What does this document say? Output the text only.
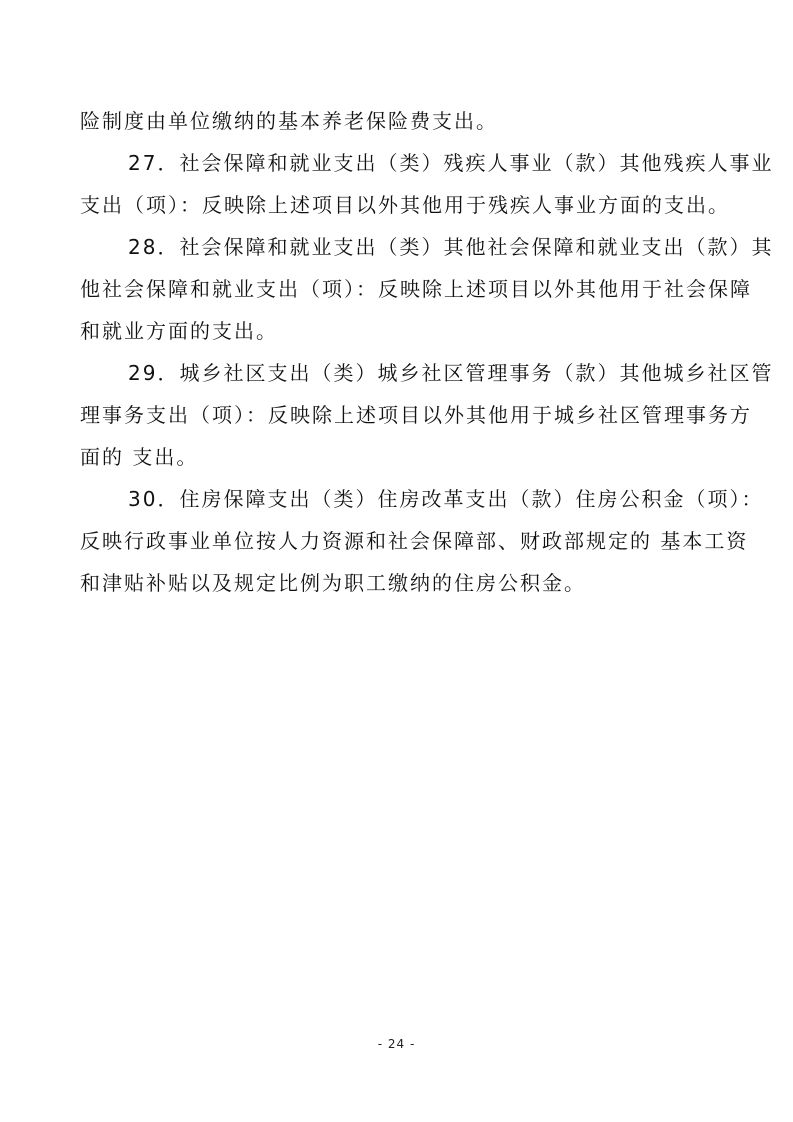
险制度由单位缴纳的基本养老保险费支出。
27．社会保障和就业支出（类）残疾人事业（款）其他残疾人事业
支出（项）：反映除上述项目以外其他用于残疾人事业方面的支出。
28．社会保障和就业支出（类）其他社会保障和就业支出（款）其
他社会保障和就业支出（项）：反映除上述项目以外其他用于社会保障
和就业方面的支出。
29．城乡社区支出（类）城乡社区管理事务（款）其他城乡社区管
理事务支出（项）：反映除上述项目以外其他用于城乡社区管理事务方
面的 支出。
30．住房保障支出（类）住房改革支出（款）住房公积金（项）：
反映行政事业单位按人力资源和社会保障部、财政部规定的 基本工资
和津贴补贴以及规定比例为职工缴纳的住房公积金。
- 24 -
